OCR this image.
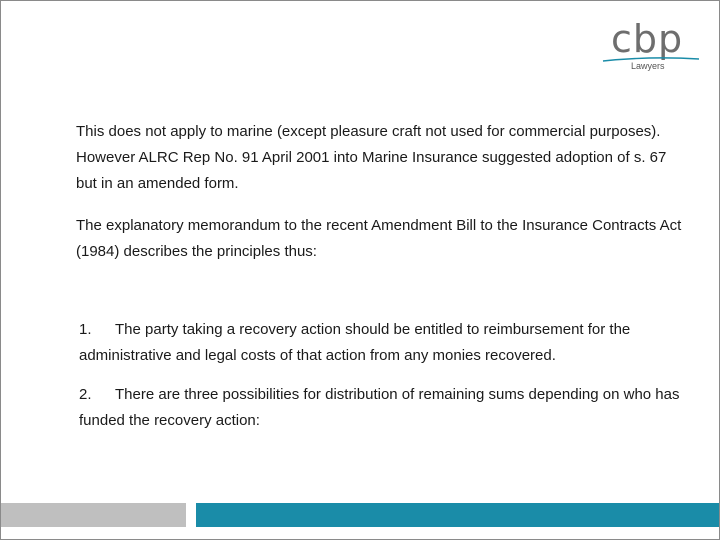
cbp
Lawyers

This does not apply to marine (except pleasure craft not used for commercial purposes). However ALRC Rep No. 91 April 2001 into Marine Insurance suggested adoption of s. 67 but in an amended form.

The explanatory memorandum to the recent Amendment Bill to the Insurance Contracts Act (1984) describes the principles thus:

1. The party taking a recovery action should be entitled to reimbursement for the administrative and legal costs of that action from any monies recovered.

2. There are three possibilities for distribution of remaining sums depending on who has funded the recovery action:
